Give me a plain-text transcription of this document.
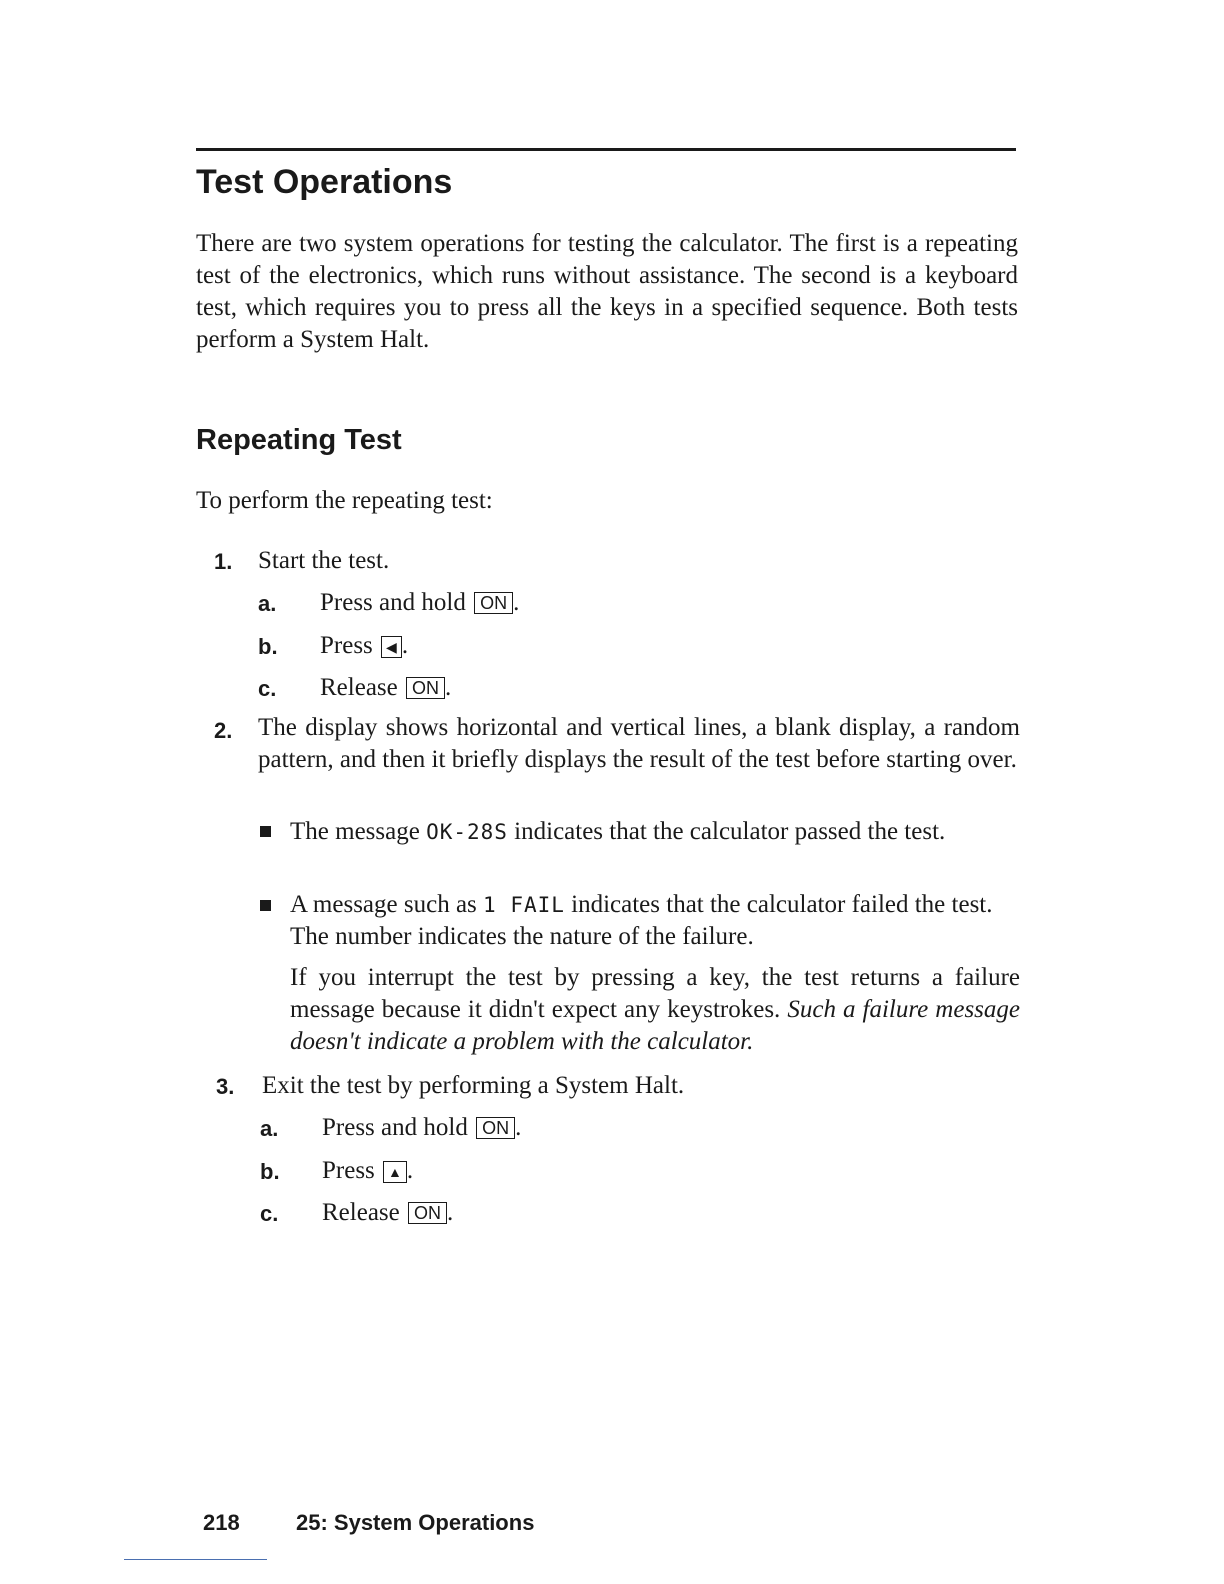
Test Operations

There are two system operations for testing the calculator. The first is a repeating test of the electronics, which runs without assistance. The second is a keyboard test, which requires you to press all the keys in a specified sequence. Both tests perform a System Halt.

Repeating Test

To perform the repeating test:

1. Start the test.
a. Press and hold ON .
b. Press ◀ .
c. Release ON .
2. The display shows horizontal and vertical lines, a blank display, a random pattern, and then it briefly displays the result of the test before starting over.

The message OK-28S indicates that the calculator passed the test.

A message such as 1 FAIL indicates that the calculator failed the test. The number indicates the nature of the failure.

If you interrupt the test by pressing a key, the test returns a failure message because it didn't expect any keystrokes. Such a failure message doesn't indicate a problem with the calculator.

3. Exit the test by performing a System Halt.
a. Press and hold ON .
b. Press ▲ .
c. Release ON .
218	25: System Operations
